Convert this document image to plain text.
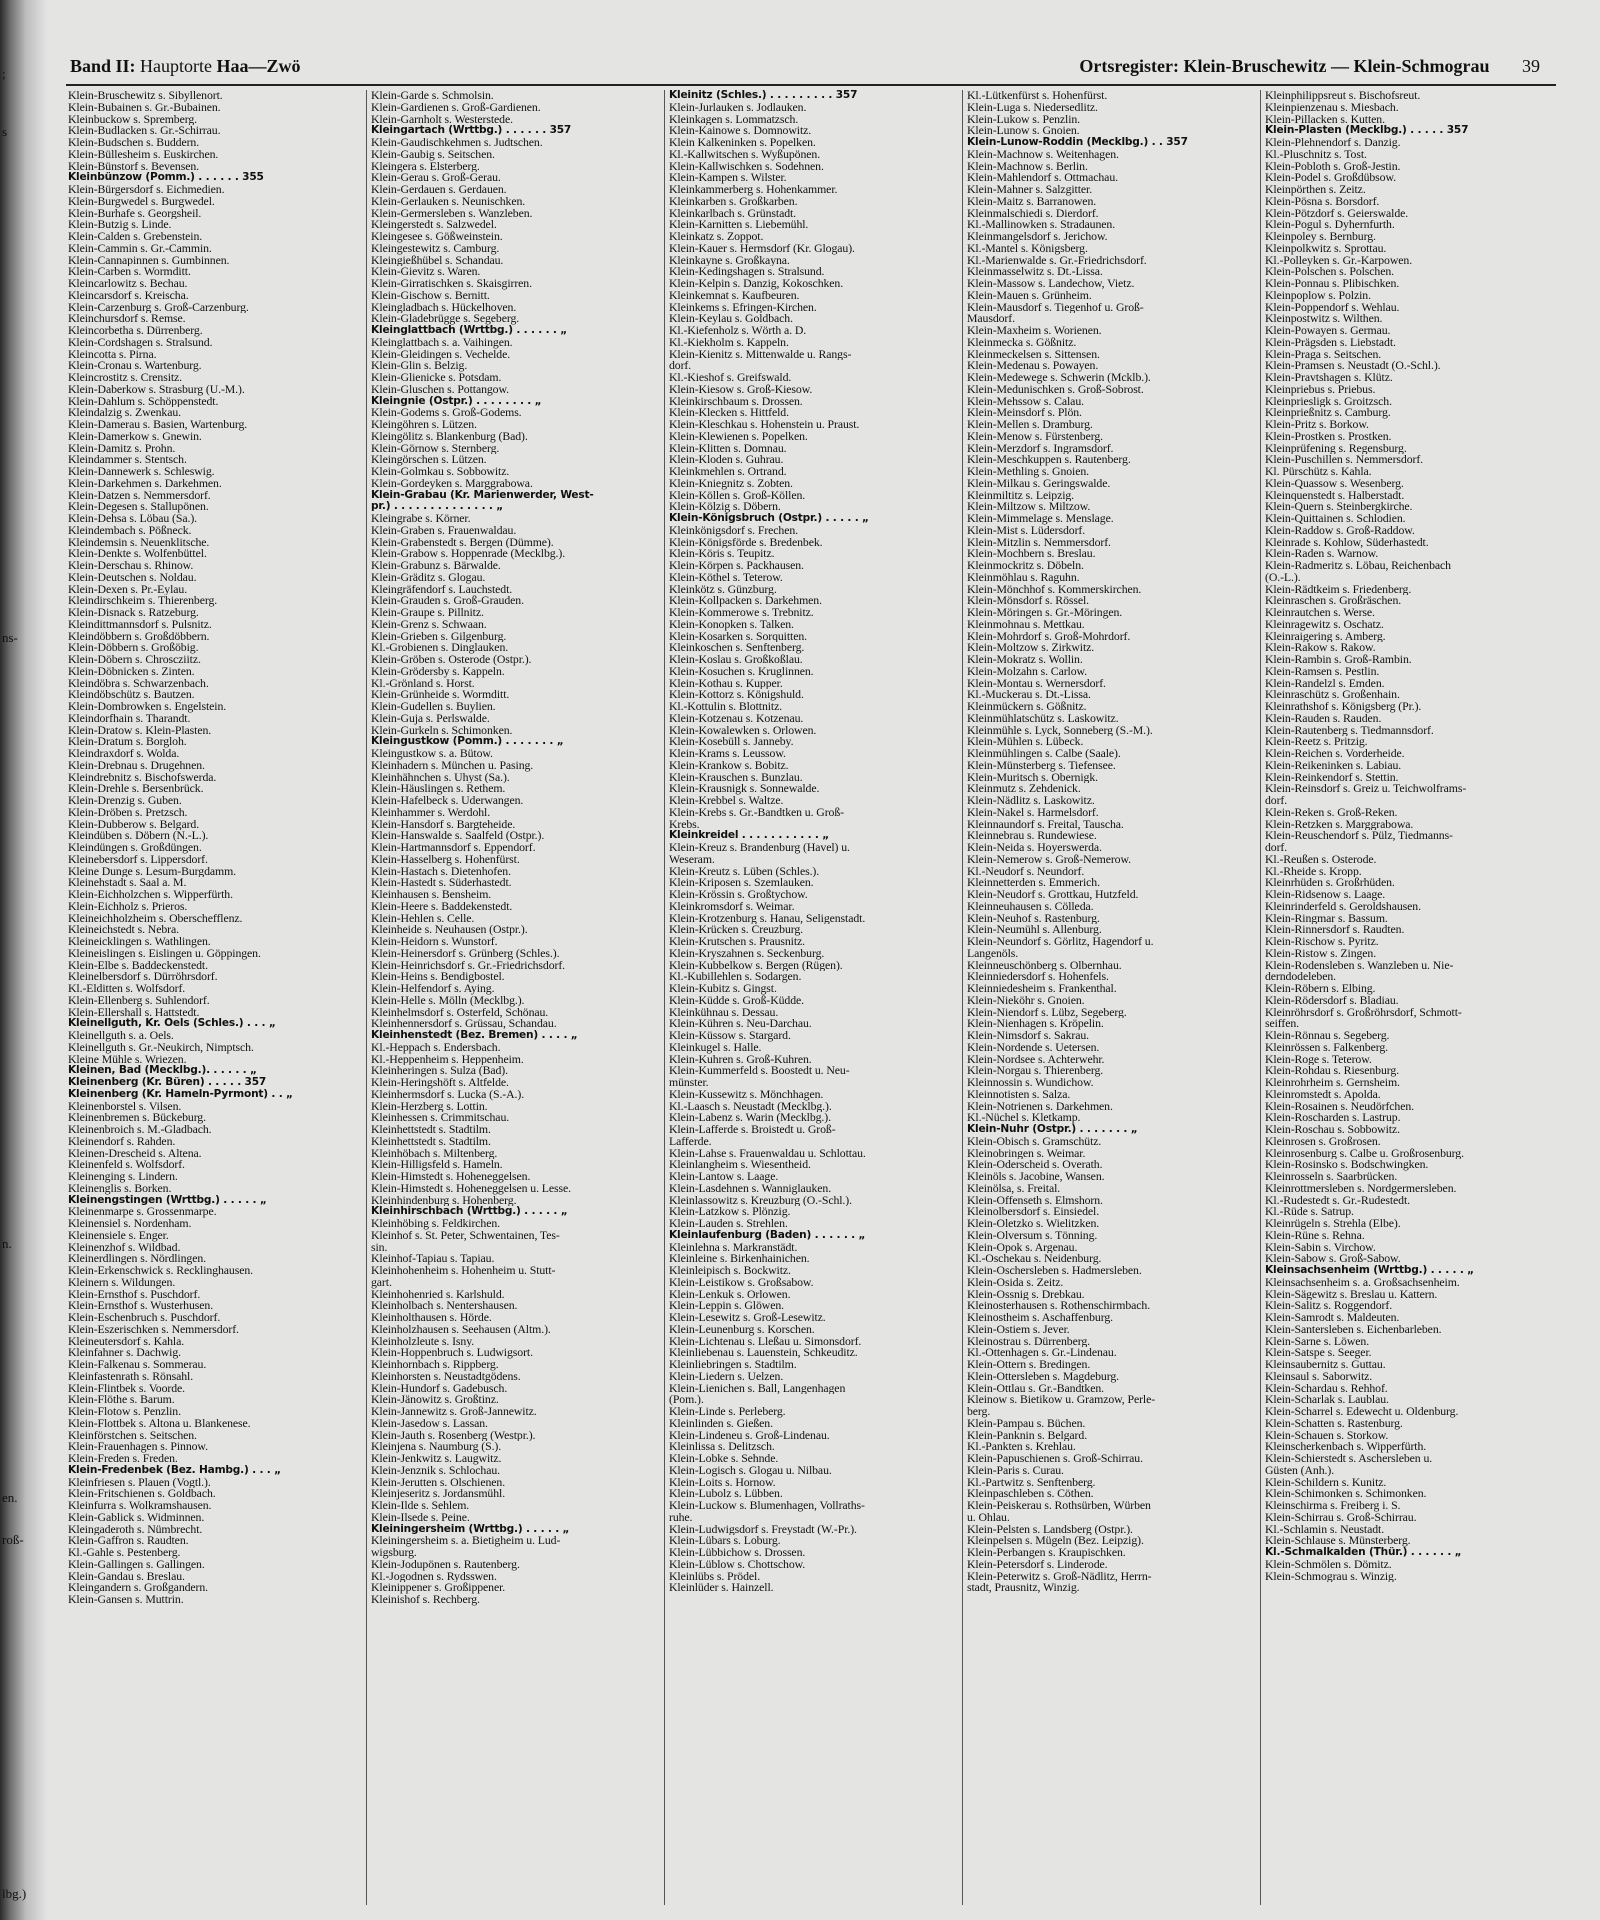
;
s
ns-
n.
en.
roß-
lbg.)
Band II: Hauptorte Haa—Zwö	Ortsregister: Klein-Bruschewitz — Klein-Schmograu 39
Klein-Bruschewitz s. Sibyllenort.
Klein-Bubainen s. Gr.-Bubainen.
Kleinbuckow s. Spremberg.
Klein-Budlacken s. Gr.-Schirrau.
Klein-Budschen s. Buddern.
Klein-Büllesheim s. Euskirchen.
Klein-Bünstorf s. Bevensen.
Kleinbünzow (Pomm.) . . . . . . 355
Klein-Bürgersdorf s. Eichmedien.
Klein-Burgwedel s. Burgwedel.
Klein-Burhafe s. Georgsheil.
Klein-Butzig s. Linde.
Klein-Calden s. Grebenstein.
Klein-Cammin s. Gr.-Cammin.
Klein-Cannapinnen s. Gumbinnen.
Klein-Carben s. Wormditt.
Kleincarlowitz s. Bechau.
Kleincarsdorf s. Kreischa.
Klein-Carzenburg s. Groß-Carzenburg.
Kleinchursdorf s. Remse.
Kleincorbetha s. Dürrenberg.
Klein-Cordshagen s. Stralsund.
Kleincotta s. Pirna.
Klein-Cronau s. Wartenburg.
Kleincrostitz s. Crensitz.
Klein-Daberkow s. Strasburg (U.-M.).
Klein-Dahlum s. Schöppenstedt.
Kleindalzig s. Zwenkau.
Klein-Damerau s. Basien, Wartenburg.
Klein-Damerkow s. Gnewin.
Klein-Damitz s. Prohn.
Kleindammer s. Stentsch.
Klein-Dannewerk s. Schleswig.
Klein-Darkehmen s. Darkehmen.
Klein-Datzen s. Nemmersdorf.
Klein-Degesen s. Stallupönen.
Klein-Dehsa s. Löbau (Sa.).
Kleindembach s. Pößneck.
Kleindemsin s. Neuenklitsche.
Klein-Denkte s. Wolfenbüttel.
Klein-Derschau s. Rhinow.
Klein-Deutschen s. Noldau.
Klein-Dexen s. Pr.-Eylau.
Kleindirschkeim s. Thierenberg.
Klein-Disnack s. Ratzeburg.
Kleindittmannsdorf s. Pulsnitz.
Kleindöbbern s. Großdöbbern.
Klein-Döbbern s. Großöbig.
Klein-Döbern s. Chroscziitz.
Klein-Döbnicken s. Zinten.
Kleindöbra s. Schwarzenbach.
Kleindöbschütz s. Bautzen.
Klein-Dombrowken s. Engelstein.
Kleindorfhain s. Tharandt.
Klein-Dratow s. Klein-Plasten.
Klein-Dratum s. Borgloh.
Kleindraxdorf s. Wolda.
Klein-Drebnau s. Drugehnen.
Kleindrebnitz s. Bischofswerda.
Klein-Drehle s. Bersenbrück.
Klein-Drenzig s. Guben.
Klein-Dröben s. Pretzsch.
Klein-Dubberow s. Belgard.
Kleindüben s. Döbern (N.-L.).
Kleindüngen s. Großdüngen.
Kleinebersdorf s. Lippersdorf.
Kleine Dunge s. Lesum-Burgdamm.
Kleinehstadt s. Saal a. M.
Klein-Eichholzchen s. Wipperfürth.
Klein-Eichholz s. Prieros.
Kleineichholzheim s. Oberschefflenz.
Kleineichstedt s. Nebra.
Kleineicklingen s. Wathlingen.
Kleineislingen s. Eislingen u. Göppingen.
Klein-Elbe s. Baddeckenstedt.
Kleinelbersdorf s. Dürröhrsdorf.
Kl.-Elditten s. Wolfsdorf.
Klein-Ellenberg s. Suhlendorf.
Klein-Ellershall s. Hattstedt.
Kleinellguth, Kr. Oels (Schles.) . . . „
Kleinellguth s. a. Oels.
Kleinellguth s. Gr.-Neukirch, Nimptsch.
Kleine Mühle s. Wriezen.
Kleinen, Bad (Mecklbg.). . . . . . „
Kleinenberg (Kr. Büren) . . . . . 357
Kleinenberg (Kr. Hameln-Pyrmont) . . „
Kleinenborstel s. Vilsen.
Kleinenbremen s. Bückeburg.
Kleinenbroich s. M.-Gladbach.
Kleinendorf s. Rahden.
Kleinen-Drescheid s. Altena.
Kleinenfeld s. Wolfsdorf.
Kleinenging s. Lindern.
Kleinenglis s. Borken.
Kleinengstingen (Wrttbg.) . . . . . „
Kleinenmarpe s. Grossenmarpe.
Kleinensiel s. Nordenham.
Kleinensiele s. Enger.
Kleinenzhof s. Wildbad.
Kleinerdlingen s. Nördlingen.
Klein-Erkenschwick s. Recklinghausen.
Kleinern s. Wildungen.
Klein-Ernsthof s. Puschdorf.
Klein-Ernsthof s. Wusterhusen.
Klein-Eschenbruch s. Puschdorf.
Klein-Eszerischken s. Nemmersdorf.
Kleineutersdorf s. Kahla.
Kleinfahner s. Dachwig.
Klein-Falkenau s. Sommerau.
Kleinfastenrath s. Rönsahl.
Klein-Flintbek s. Voorde.
Klein-Flöthe s. Barum.
Klein-Flotow s. Penzlin.
Klein-Flottbek s. Altona u. Blankenese.
Kleinförstchen s. Seitschen.
Klein-Frauenhagen s. Pinnow.
Klein-Freden s. Freden.
Klein-Fredenbek (Bez. Hambg.) . . . „
Kleinfriesen s. Plauen (Vogtl.).
Klein-Fritschienen s. Goldbach.
Kleinfurra s. Wolkramshausen.
Klein-Gablick s. Widminnen.
Kleingaderoth s. Nümbrecht.
Klein-Gaffron s. Raudten.
Kl.-Gahle s. Pestenberg.
Klein-Gallingen s. Gallingen.
Klein-Gandau s. Breslau.
Kleingandern s. Großgandern.
Klein-Gansen s. Muttrin.
Klein-Garde s. Schmolsin.
Klein-Gardienen s. Groß-Gardienen.
Klein-Garnholt s. Westerstede.
Kleingartach (Wrttbg.) . . . . . . 357
Klein-Gaudischkehmen s. Judtschen.
Klein-Gaubig s. Seitschen.
Kleingera s. Elsterberg.
Klein-Gerau s. Groß-Gerau.
Klein-Gerdauen s. Gerdauen.
Klein-Gerlauken s. Neunischken.
Klein-Germersleben s. Wanzleben.
Kleingerstedt s. Salzwedel.
Kleingesee s. Gößweinstein.
Kleingestewitz s. Camburg.
Kleingießhübel s. Schandau.
Klein-Gievitz s. Waren.
Klein-Girratischken s. Skaisgirren.
Klein-Gischow s. Bernitt.
Kleingladbach s. Hückelhoven.
Klein-Gladebrügge s. Segeberg.
Kleinglattbach (Wrttbg.) . . . . . . „
Kleinglattbach s. a. Vaihingen.
Klein-Gleidingen s. Vechelde.
Klein-Glin s. Belzig.
Klein-Glienicke s. Potsdam.
Klein-Gluschen s. Pottangow.
Kleingnie (Ostpr.) . . . . . . . . „
Klein-Godems s. Groß-Godems.
Kleingöhren s. Lützen.
Kleingölitz s. Blankenburg (Bad).
Klein-Görnow s. Sternberg.
Kleingörschen s. Lützen.
Klein-Golmkau s. Sobbowitz.
Klein-Gordeyken s. Marggrabowa.
Klein-Grabau (Kr. Marienwerder, West-
pr.) . . . . . . . . . . . . . . „
Kleingrabe s. Körner.
Klein-Graben s. Frauenwaldau.
Klein-Grabenstedt s. Bergen (Dümme).
Klein-Grabow s. Hoppenrade (Mecklbg.).
Klein-Grabunz s. Bärwalde.
Klein-Gräditz s. Glogau.
Kleingräfendorf s. Lauchstedt.
Klein-Grauden s. Groß-Grauden.
Klein-Graupe s. Pillnitz.
Klein-Grenz s. Schwaan.
Klein-Grieben s. Gilgenburg.
Kl.-Grobienen s. Dinglauken.
Klein-Gröben s. Osterode (Ostpr.).
Klein-Grödersby s. Kappeln.
Kl.-Grönland s. Horst.
Klein-Grünheide s. Wormditt.
Klein-Gudellen s. Buylien.
Klein-Guja s. Perlswalde.
Klein-Gurkeln s. Schimonken.
Kleingustkow (Pomm.) . . . . . . . „
Kleingustkow s. a. Bütow.
Kleinhadern s. München u. Pasing.
Kleinhähnchen s. Uhyst (Sa.).
Klein-Häuslingen s. Rethem.
Klein-Hafelbeck s. Uderwangen.
Kleinhammer s. Werdohl.
Klein-Hansdorf s. Bargteheide.
Klein-Hanswalde s. Saalfeld (Ostpr.).
Klein-Hartmannsdorf s. Eppendorf.
Klein-Hasselberg s. Hohenfürst.
Klein-Hastach s. Dietenhofen.
Klein-Hastedt s. Süderhastedt.
Kleinhausen s. Bensheim.
Klein-Heere s. Baddekenstedt.
Klein-Hehlen s. Celle.
Kleinheide s. Neuhausen (Ostpr.).
Klein-Heidorn s. Wunstorf.
Klein-Heinersdorf s. Grünberg (Schles.).
Klein-Heinrichsdorf s. Gr.-Friedrichsdorf.
Klein-Heins s. Bendigbostel.
Klein-Helfendorf s. Aying.
Klein-Helle s. Mölln (Mecklbg.).
Kleinhelmsdorf s. Osterfeld, Schönau.
Kleinhennersdorf s. Grüssau, Schandau.
Kleinhenstedt (Bez. Bremen) . . . . „
Kl.-Heppach s. Endersbach.
Kl.-Heppenheim s. Heppenheim.
Kleinheringen s. Sulza (Bad).
Klein-Heringshöft s. Altfelde.
Kleinhermsdorf s. Lucka (S.-A.).
Klein-Herzberg s. Lottin.
Kleinhessen s. Crimmitschau.
Kleinhettstedt s. Stadtilm.
Kleinhettstedt s. Stadtilm.
Kleinhöbach s. Miltenberg.
Klein-Hilligsfeld s. Hameln.
Klein-Himstedt s. Hoheneggelsen.
Klein-Himstedt s. Hoheneggelsen u. Lesse.
Kleinhindenburg s. Hohenberg.
Kleinhirschbach (Wrttbg.) . . . . . „
Kleinhöbing s. Feldkirchen.
Kleinhof s. St. Peter, Schwentainen, Tes-
sin.
Kleinhof-Tapiau s. Tapiau.
Kleinhohenheim s. Hohenheim u. Stutt-
gart.
Kleinhohenried s. Karlshuld.
Kleinholbach s. Nentershausen.
Kleinholthausen s. Hörde.
Kleinholzhausen s. Seehausen (Altm.).
Kleinholzleute s. Isny.
Klein-Hoppenbruch s. Ludwigsort.
Kleinhornbach s. Rippberg.
Kleinhorsten s. Neustadtgödens.
Klein-Hundorf s. Gadebusch.
Klein-Jänowitz s. Großtinz.
Klein-Jannewitz s. Groß-Jannewitz.
Klein-Jasedow s. Lassan.
Klein-Jauth s. Rosenberg (Westpr.).
Kleinjena s. Naumburg (S.).
Klein-Jenkwitz s. Laugwitz.
Klein-Jenznik s. Schlochau.
Klein-Jerutten s. Olschienen.
Kleinjeseritz s. Jordansmühl.
Klein-Ilde s. Sehlem.
Klein-Ilsede s. Peine.
Kleiningersheim (Wrttbg.) . . . . . „
Kleiningersheim s. a. Bietigheim u. Lud-
wigsburg.
Klein-Jodupönen s. Rautenberg.
Kl.-Jogodnen s. Rydsswen.
Kleinippener s. Großippener.
Kleinishof s. Rechberg.
Kleinitz (Schles.) . . . . . . . . . 357
Klein-Jurlauken s. Jodlauken.
Kleinkagen s. Lommatzsch.
Klein-Kainowe s. Domnowitz.
Klein Kalkeninken s. Popelken.
Kl.-Kallwitschen s. Wyßupönen.
Klein-Kallwischken s. Sodehnen.
Klein-Kampen s. Wilster.
Kleinkammerberg s. Hohenkammer.
Kleinkarben s. Großkarben.
Kleinkarlbach s. Grünstadt.
Klein-Karnitten s. Liebemühl.
Kleinkatz s. Zoppot.
Klein-Kauer s. Hermsdorf (Kr. Glogau).
Kleinkayne s. Großkayna.
Klein-Kedingshagen s. Stralsund.
Klein-Kelpin s. Danzig, Kokoschken.
Kleinkemnat s. Kaufbeuren.
Kleinkems s. Efringen-Kirchen.
Klein-Keylau s. Goldbach.
Kl.-Kiefenholz s. Wörth a. D.
Kl.-Kiekholm s. Kappeln.
Klein-Kienitz s. Mittenwalde u. Rangs-
dorf.
Kl.-Kieshof s. Greifswald.
Klein-Kiesow s. Groß-Kiesow.
Kleinkirschbaum s. Drossen.
Klein-Klecken s. Hittfeld.
Klein-Kleschkau s. Hohenstein u. Praust.
Klein-Klewienen s. Popelken.
Klein-Klitten s. Domnau.
Klein-Kloden s. Guhrau.
Kleinkmehlen s. Ortrand.
Klein-Kniegnitz s. Zobten.
Klein-Köllen s. Groß-Köllen.
Klein-Kölzig s. Döbern.
Klein-Königsbruch (Ostpr.) . . . . . „
Kleinkönigsdorf s. Frechen.
Klein-Königsförde s. Bredenbek.
Klein-Köris s. Teupitz.
Klein-Körpen s. Packhausen.
Klein-Köthel s. Teterow.
Kleinkötz s. Günzburg.
Klein-Kollpacken s. Darkehmen.
Klein-Kommerowe s. Trebnitz.
Klein-Konopken s. Talken.
Klein-Kosarken s. Sorquitten.
Kleinkoschen s. Senftenberg.
Klein-Koslau s. Großkoßlau.
Klein-Kosuchen s. Kruglinnen.
Klein-Kothau s. Kupper.
Klein-Kottorz s. Königshuld.
Kl.-Kottulin s. Blottnitz.
Klein-Kotzenau s. Kotzenau.
Klein-Kowalewken s. Orlowen.
Klein-Kosebüll s. Janneby.
Klein-Krams s. Leussow.
Klein-Krankow s. Bobitz.
Klein-Krauschen s. Bunzlau.
Klein-Krausnigk s. Sonnewalde.
Klein-Krebbel s. Waltze.
Klein-Krebs s. Gr.-Bandtken u. Groß-
Krebs.
Kleinkreidel . . . . . . . . . . . „
Klein-Kreuz s. Brandenburg (Havel) u.
Weseram.
Klein-Kreutz s. Lüben (Schles.).
Klein-Kriposen s. Szemlauken.
Klein-Krössin s. Großtychow.
Kleinkromsdorf s. Weimar.
Klein-Krotzenburg s. Hanau, Seligenstadt.
Klein-Krücken s. Creuzburg.
Klein-Krutschen s. Prausnitz.
Klein-Kryszahnen s. Seckenburg.
Klein-Kubbelkow s. Bergen (Rügen).
Kl.-Kubillehlen s. Sodargen.
Klein-Kubitz s. Gingst.
Klein-Küdde s. Groß-Küdde.
Kleinkühnau s. Dessau.
Klein-Kühren s. Neu-Darchau.
Klein-Küssow s. Stargard.
Kleinkugel s. Halle.
Klein-Kuhren s. Groß-Kuhren.
Klein-Kummerfeld s. Boostedt u. Neu-
münster.
Klein-Kussewitz s. Mönchhagen.
Kl.-Laasch s. Neustadt (Mecklbg.).
Klein-Labenz s. Warin (Mecklbg.).
Klein-Lafferde s. Broistedt u. Groß-
Lafferde.
Klein-Lahse s. Frauenwaldau u. Schlottau.
Kleinlangheim s. Wiesentheid.
Klein-Lantow s. Laage.
Klein-Lasdehnen s. Wanniglauken.
Kleinlassowitz s. Kreuzburg (O.-Schl.).
Klein-Latzkow s. Plönzig.
Klein-Lauden s. Strehlen.
Kleinlaufenburg (Baden) . . . . . . „
Kleinlehna s. Markranstädt.
Kleinleine s. Birkenhainichen.
Kleinleipisch s. Bockwitz.
Klein-Leistikow s. Großsabow.
Klein-Lenkuk s. Orlowen.
Klein-Leppin s. Glöwen.
Klein-Lesewitz s. Groß-Lesewitz.
Klein-Leunenburg s. Korschen.
Klein-Lichtenau s. Lleßau u. Simonsdorf.
Kleinliebenau s. Lauenstein, Schkeuditz.
Kleinliebringen s. Stadtilm.
Klein-Liedern s. Uelzen.
Klein-Lienichen s. Ball, Langenhagen
(Pom.).
Klein-Linde s. Perleberg.
Kleinlinden s. Gießen.
Klein-Lindeneu s. Groß-Lindenau.
Kleinlissa s. Delitzsch.
Klein-Lobke s. Sehnde.
Klein-Logisch s. Glogau u. Nilbau.
Klein-Loits s. Hornow.
Klein-Lubolz s. Lübben.
Klein-Luckow s. Blumenhagen, Vollraths-
ruhe.
Klein-Ludwigsdorf s. Freystadt (W.-Pr.).
Klein-Lübars s. Loburg.
Klein-Lübbichow s. Drossen.
Klein-Lüblow s. Chottschow.
Kleinlübs s. Prödel.
Kleinlüder s. Hainzell.
Kl.-Lütkenfürst s. Hohenfürst.
Klein-Luga s. Niedersedlitz.
Klein-Lukow s. Penzlin.
Klein-Lunow s. Gnoien.
Klein-Lunow-Roddin (Mecklbg.) . . 357
Klein-Machnow s. Weitenhagen.
Klein-Machnow s. Berlin.
Klein-Mahlendorf s. Ottmachau.
Klein-Mahner s. Salzgitter.
Klein-Maitz s. Barranowen.
Kleinmalschiedi s. Dierdorf.
Kl.-Mallinowken s. Stradaunen.
Kleinmangelsdorf s. Jerichow.
Kl.-Mantel s. Königsberg.
Kl.-Marienwalde s. Gr.-Friedrichsdorf.
Kleinmasselwitz s. Dt.-Lissa.
Klein-Massow s. Landechow, Vietz.
Klein-Mauen s. Grünheim.
Klein-Mausdorf s. Tiegenhof u. Groß-
Mausdorf.
Klein-Maxheim s. Worienen.
Kleinmecka s. Gößnitz.
Kleinmeckelsen s. Sittensen.
Klein-Medenau s. Powayen.
Klein-Medewege s. Schwerin (Mcklb.).
Klein-Medunischken s. Groß-Sobrost.
Klein-Mehssow s. Calau.
Klein-Meinsdorf s. Plön.
Klein-Mellen s. Dramburg.
Klein-Menow s. Fürstenberg.
Klein-Merzdorf s. Ingramsdorf.
Klein-Meschkuppen s. Rautenberg.
Klein-Methling s. Gnoien.
Klein-Milkau s. Geringswalde.
Kleinmiltitz s. Leipzig.
Klein-Miltzow s. Miltzow.
Klein-Mimmelage s. Menslage.
Klein-Mist s. Lüdersdorf.
Klein-Mitzlin s. Nemmersdorf.
Klein-Mochbern s. Breslau.
Kleinmockritz s. Döbeln.
Kleinmöhlau s. Raguhn.
Klein-Mönchhof s. Kommerskirchen.
Klein-Mönsdorf s. Rössel.
Klein-Möringen s. Gr.-Möringen.
Kleinmohnau s. Mettkau.
Klein-Mohrdorf s. Groß-Mohrdorf.
Klein-Moltzow s. Zirkwitz.
Klein-Mokratz s. Wollin.
Klein-Molzahn s. Carlow.
Klein-Montau s. Wernersdorf.
Kl.-Muckerau s. Dt.-Lissa.
Kleinmückern s. Gößnitz.
Kleinmühlatschütz s. Laskowitz.
Kleinmühle s. Lyck, Sonneberg (S.-M.).
Klein-Mühlen s. Lübeck.
Kleinmühlingen s. Calbe (Saale).
Klein-Münsterberg s. Tiefensee.
Klein-Muritsch s. Obernigk.
Kleinmutz s. Zehdenick.
Klein-Nädlitz s. Laskowitz.
Klein-Nakel s. Harmelsdorf.
Kleinnaundorf s. Freital, Tauscha.
Kleinnebrau s. Rundewiese.
Klein-Neida s. Hoyerswerda.
Klein-Nemerow s. Groß-Nemerow.
Kl.-Neudorf s. Neundorf.
Kleinnetterden s. Emmerich.
Klein-Neudorf s. Grottkau, Hutzfeld.
Kleinneuhausen s. Cölleda.
Klein-Neuhof s. Rastenburg.
Klein-Neumühl s. Allenburg.
Klein-Neundorf s. Görlitz, Hagendorf u.
Langenöls.
Kleinneuschönberg s. Olbernhau.
Kleinniedersdorf s. Hohenfels.
Kleinniedesheim s. Frankenthal.
Klein-Nieköhr s. Gnoien.
Klein-Niendorf s. Lübz, Segeberg.
Klein-Nienhagen s. Kröpelin.
Klein-Nimsdorf s. Sakrau.
Klein-Nordende s. Uetersen.
Klein-Nordsee s. Achterwehr.
Klein-Norgau s. Thierenberg.
Kleinnossin s. Wundichow.
Kleinnotisten s. Salza.
Klein-Notrienen s. Darkehmen.
Kl.-Nüchel s. Kletkamp.
Klein-Nuhr (Ostpr.) . . . . . . . „
Klein-Obisch s. Gramschütz.
Kleinobringen s. Weimar.
Klein-Oderscheid s. Overath.
Kleinöls s. Jacobine, Wansen.
Kleinölsa, s. Freital.
Klein-Offenseth s. Elmshorn.
Kleinolbersdorf s. Einsiedel.
Klein-Oletzko s. Wielitzken.
Klein-Olversum s. Tönning.
Klein-Opok s. Argenau.
Kl.-Oschekau s. Neidenburg.
Klein-Oschersleben s. Hadmersleben.
Klein-Osida s. Zeitz.
Klein-Ossnig s. Drebkau.
Kleinosterhausen s. Rothenschirmbach.
Kleinostheim s. Aschaffenburg.
Klein-Ostiem s. Jever.
Kleinostrau s. Dürrenberg.
Kl.-Ottenhagen s. Gr.-Lindenau.
Klein-Ottern s. Bredingen.
Klein-Ottersleben s. Magdeburg.
Klein-Ottlau s. Gr.-Bandtken.
Kleinow s. Bietikow u. Gramzow, Perle-
berg.
Klein-Pampau s. Büchen.
Klein-Panknin s. Belgard.
Kl.-Pankten s. Krehlau.
Klein-Papuschienen s. Groß-Schirrau.
Klein-Paris s. Curau.
Kl.-Partwitz s. Senftenberg.
Kleinpaschleben s. Cöthen.
Klein-Peiskerau s. Rothsürben, Würben
u. Ohlau.
Klein-Pelsten s. Landsberg (Ostpr.).
Kleinpelsen s. Mügeln (Bez. Leipzig).
Klein-Perbangen s. Kraupischken.
Klein-Petersdorf s. Linderode.
Klein-Peterwitz s. Groß-Nädlitz, Herrn-
stadt, Prausnitz, Winzig.
Kleinphilippsreut s. Bischofsreut.
Kleinpienzenau s. Miesbach.
Klein-Pillacken s. Kutten.
Klein-Plasten (Mecklbg.) . . . . . 357
Klein-Plehnendorf s. Danzig.
Kl.-Pluschnitz s. Tost.
Klein-Pobloth s. Groß-Jestin.
Klein-Podel s. Großdübsow.
Kleinpörthen s. Zeitz.
Klein-Pösna s. Borsdorf.
Klein-Pötzdorf s. Geierswalde.
Klein-Pogul s. Dyhernfurth.
Kleinpoley s. Bernburg.
Kleinpolkwitz s. Sprottau.
Kl.-Polleyken s. Gr.-Karpowen.
Klein-Polschen s. Polschen.
Klein-Ponnau s. Plibischken.
Kleinpoplow s. Polzin.
Klein-Poppendorf s. Wehlau.
Kleinpostwitz s. Wilthen.
Klein-Powayen s. Germau.
Klein-Prägsden s. Liebstadt.
Klein-Praga s. Seitschen.
Klein-Pramsen s. Neustadt (O.-Schl.).
Klein-Pravtshagen s. Klütz.
Kleinpriebus s. Priebus.
Kleinpriesligk s. Groitzsch.
Kleinprießnitz s. Camburg.
Klein-Pritz s. Borkow.
Klein-Prostken s. Prostken.
Kleinprüfening s. Regensburg.
Klein-Puschillen s. Nemmersdorf.
Kl. Pürschütz s. Kahla.
Klein-Quassow s. Wesenberg.
Kleinquenstedt s. Halberstadt.
Klein-Quern s. Steinbergkirche.
Klein-Quittainen s. Schlodien.
Klein-Raddow s. Groß-Raddow.
Kleinrade s. Kohlow, Süderhastedt.
Klein-Raden s. Warnow.
Klein-Radmeritz s. Löbau, Reichenbach
(O.-L.).
Klein-Rädtkeim s. Friedenberg.
Kleinraschen s. Großräschen.
Kleinrautchen s. Werse.
Kleinragewitz s. Oschatz.
Kleinraigering s. Amberg.
Klein-Rakow s. Rakow.
Klein-Rambin s. Groß-Rambin.
Klein-Ramsen s. Pestlin.
Klein-Randelzl s. Emden.
Kleinraschütz s. Großenhain.
Kleinrathshof s. Königsberg (Pr.).
Klein-Rauden s. Rauden.
Klein-Rautenberg s. Tiedmannsdorf.
Klein-Reetz s. Pritzig.
Klein-Reichen s. Vorderheide.
Klein-Reikeninken s. Labiau.
Klein-Reinkendorf s. Stettin.
Klein-Reinsdorf s. Greiz u. Teichwolframs-
dorf.
Klein-Reken s. Groß-Reken.
Klein-Retzken s. Marggrabowa.
Klein-Reuschendorf s. Pülz, Tiedmanns-
dorf.
Kl.-Reußen s. Osterode.
Kl.-Rheide s. Kropp.
Kleinrhüden s. Großrhüden.
Klein-Ridsenow s. Laage.
Kleinrinderfeld s. Geroldshausen.
Klein-Ringmar s. Bassum.
Klein-Rinnersdorf s. Raudten.
Klein-Rischow s. Pyritz.
Klein-Ristow s. Zingen.
Klein-Rodensleben s. Wanzleben u. Nie-
derndodeleben.
Klein-Röbern s. Elbing.
Klein-Rödersdorf s. Bladiau.
Kleinröhrsdorf s. Großröhrsdorf, Schmott-
seiffen.
Klein-Rönnau s. Segeberg.
Kleinrössen s. Falkenberg.
Klein-Roge s. Teterow.
Klein-Rohdau s. Riesenburg.
Kleinrohrheim s. Gernsheim.
Kleinromstedt s. Apolda.
Klein-Rosainen s. Neudörfchen.
Klein-Roscharden s. Lastrup.
Klein-Roschau s. Sobbowitz.
Kleinrosen s. Großrosen.
Kleinrosenburg s. Calbe u. Großrosenburg.
Klein-Rosinsko s. Bodschwingken.
Kleinrosseln s. Saarbrücken.
Kleinrottmersleben s. Nordgermersleben.
Kl.-Rudestedt s. Gr.-Rudestedt.
Kl.-Rüde s. Satrup.
Kleinrügeln s. Strehla (Elbe).
Klein-Rüne s. Rehna.
Klein-Sabin s. Virchow.
Klein-Sabow s. Groß-Sabow.
Kleinsachsenheim (Wrttbg.) . . . . . „
Kleinsachsenheim s. a. Großsachsenheim.
Klein-Sägewitz s. Breslau u. Kattern.
Klein-Salitz s. Roggendorf.
Klein-Samrodt s. Maldeuten.
Klein-Santersleben s. Eichenbarleben.
Klein-Sarne s. Löwen.
Klein-Satspe s. Seeger.
Kleinsaubernitz s. Guttau.
Kleinsaul s. Saborwitz.
Klein-Schardau s. Rehhof.
Klein-Scharlak s. Laublau.
Klein-Scharrel s. Edewecht u. Oldenburg.
Klein-Schatten s. Rastenburg.
Klein-Schauen s. Storkow.
Kleinscherkenbach s. Wipperfürth.
Klein-Schierstedt s. Aschersleben u.
Güsten (Anh.).
Klein-Schildern s. Kunitz.
Klein-Schimonken s. Schimonken.
Kleinschirma s. Freiberg i. S.
Klein-Schirrau s. Groß-Schirrau.
Kl.-Schlamin s. Neustadt.
Klein-Schlause s. Münsterberg.
Kl.-Schmalkalden (Thür.) . . . . . . „
Klein-Schmölen s. Dömitz.
Klein-Schmograu s. Winzig.
